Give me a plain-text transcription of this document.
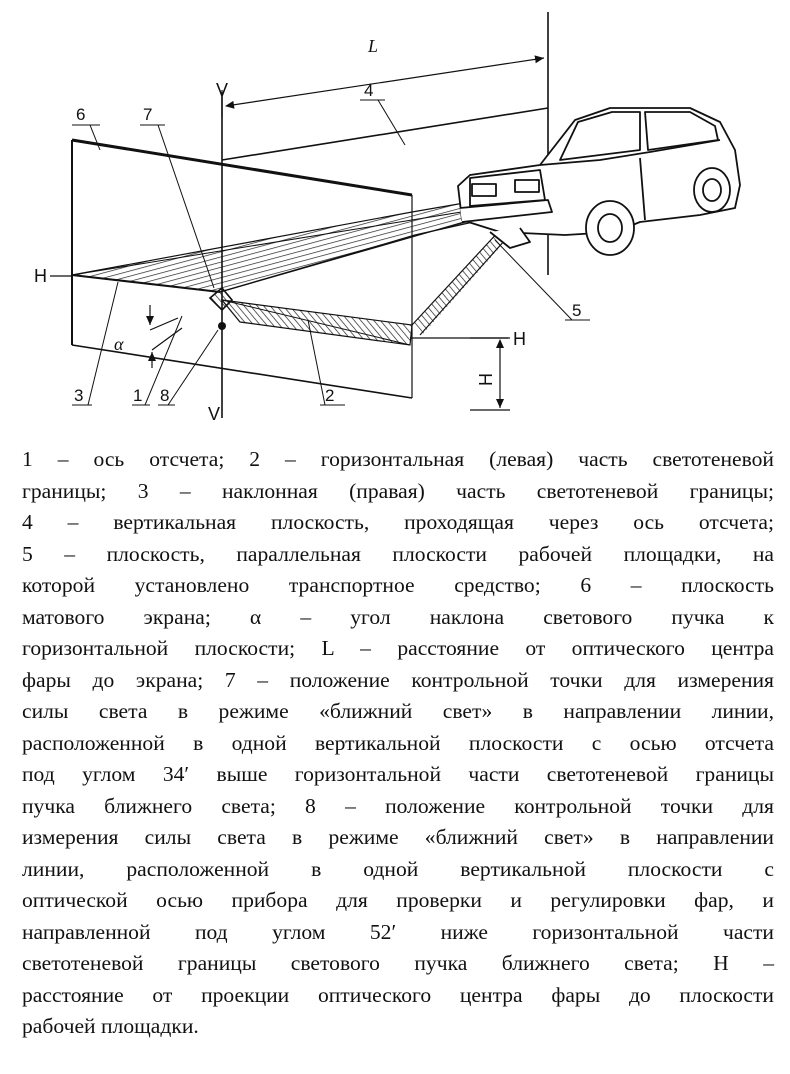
V
V
H
H
H
L
α
6	7
4
5
3	1 8	2
1 – ось отсчета; 2 – горизонтальная (левая) часть светотеневой
границы; 3 – наклонная (правая) часть светотеневой границы;
4 – вертикальная плоскость, проходящая через ось отсчета;
5 – плоскость, параллельная плоскости рабочей площадки, на
которой установлено транспортное средство; 6 – плоскость
матового экрана; α – угол наклона светового пучка к
горизонтальной плоскости; L – расстояние от оптического центра
фары до экрана; 7 – положение контрольной точки для измерения
силы света в режиме «ближний свет» в направлении линии,
расположенной в одной вертикальной плоскости с осью отсчета
под углом 34′ выше горизонтальной части светотеневой границы
пучка ближнего света; 8 – положение контрольной точки для
измерения силы света в режиме «ближний свет» в направлении
линии, расположенной в одной вертикальной плоскости с
оптической осью прибора для проверки и регулировки фар, и
направленной под углом 52′ ниже горизонтальной части
светотеневой границы светового пучка ближнего света; Н –
расстояние от проекции оптического центра фары до плоскости
рабочей площадки.
